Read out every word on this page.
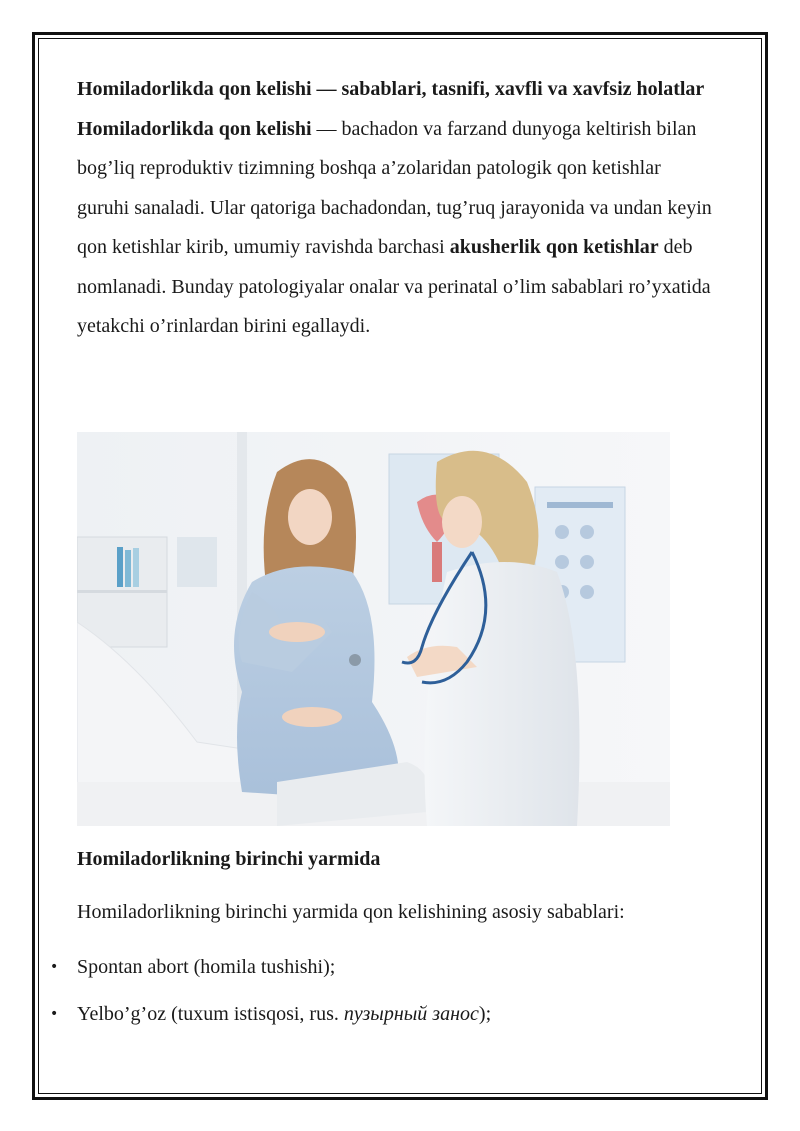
Homiladorlikda qon kelishi — sabablari, tasnifi, xavfli va xavfsiz holatlar

Homiladorlikda qon kelishi — bachadon va farzand dunyoga keltirish bilan bog’liq reproduktiv tizimning boshqa a’zolaridan patologik qon ketishlar guruhi sanaladi. Ular qatoriga bachadondan, tug’ruq jarayonida va undan keyin qon ketishlar kirib, umumiy ravishda barchasi akusherlik qon ketishlar deb nomlanadi. Bunday patologiyalar onalar va perinatal o’lim sabablari ro’yxatida yetakchi o’rinlardan birini egallaydi.

Homiladorlikning birinchi yarmida

Homiladorlikning birinchi yarmida qon kelishining asosiy sabablari:

• Spontan abort (homila tushishi);
• Yelbo’g’oz (tuxum istisqosi, rus. пузырный занос);
